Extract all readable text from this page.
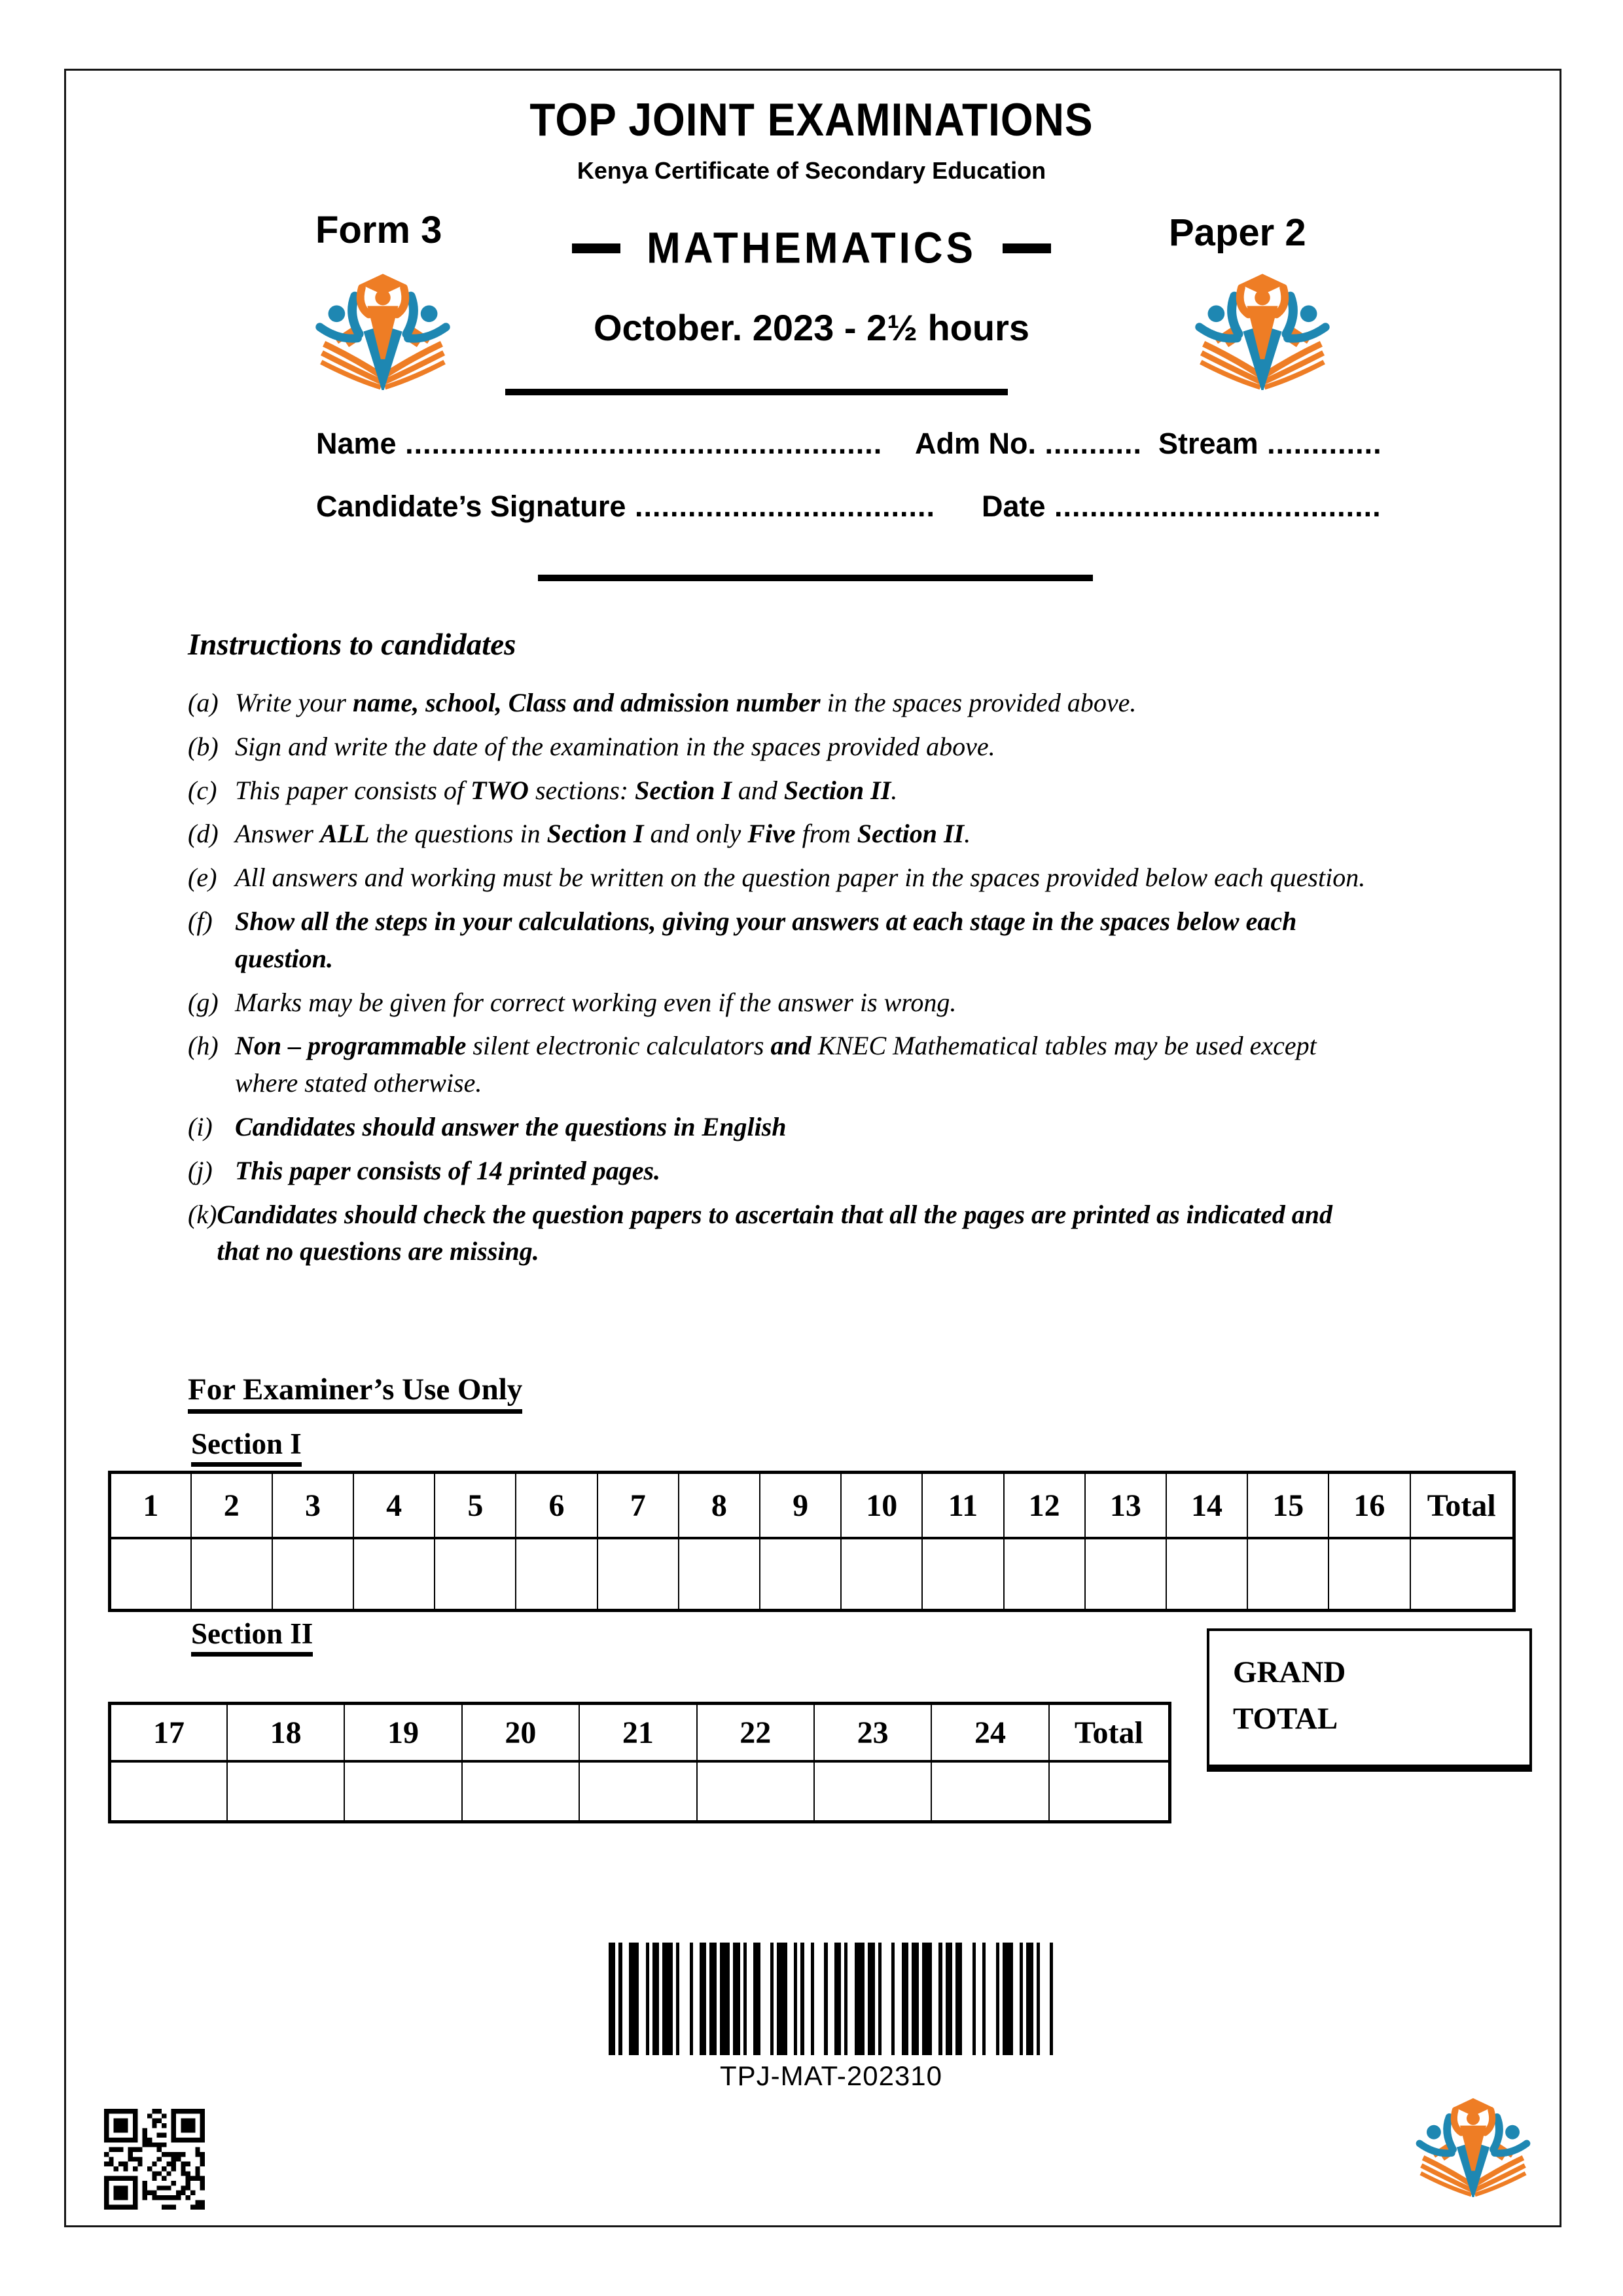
TOP JOINT EXAMINATIONS
Kenya Certificate of Secondary Education
Form 3	MATHEMATICS	Paper 2
October. 2023 - 2½ hours
Name ...................................................... Adm No. ........... Stream .............
Candidate’s Signature .................................. Date .....................................
Instructions to candidates
(a) Write your name, school, Class and admission number in the spaces provided above.
(b) Sign and write the date of the examination in the spaces provided above.
(c) This paper consists of TWO sections: Section I and Section II.
(d) Answer ALL the questions in Section I and only Five from Section II.
(e) All answers and working must be written on the question paper in the spaces provided below each question.
(f) Show all the steps in your calculations, giving your answers at each stage in the spaces below each question.
(g) Marks may be given for correct working even if the answer is wrong.
(h) Non – programmable silent electronic calculators and KNEC Mathematical tables may be used except where stated otherwise.
(i) Candidates should answer the questions in English
(j) This paper consists of 14 printed pages.
(k) Candidates should check the question papers to ascertain that all the pages are printed as indicated and that no questions are missing.
For Examiner’s Use Only
Section I
1	2	3	4	5	6	7	8	9	10	11	12	13	14	15	16	Total

Section II
17	18	19	20	21	22	23	24	Total

GRAND TOTAL
TPJ-MAT-202310
